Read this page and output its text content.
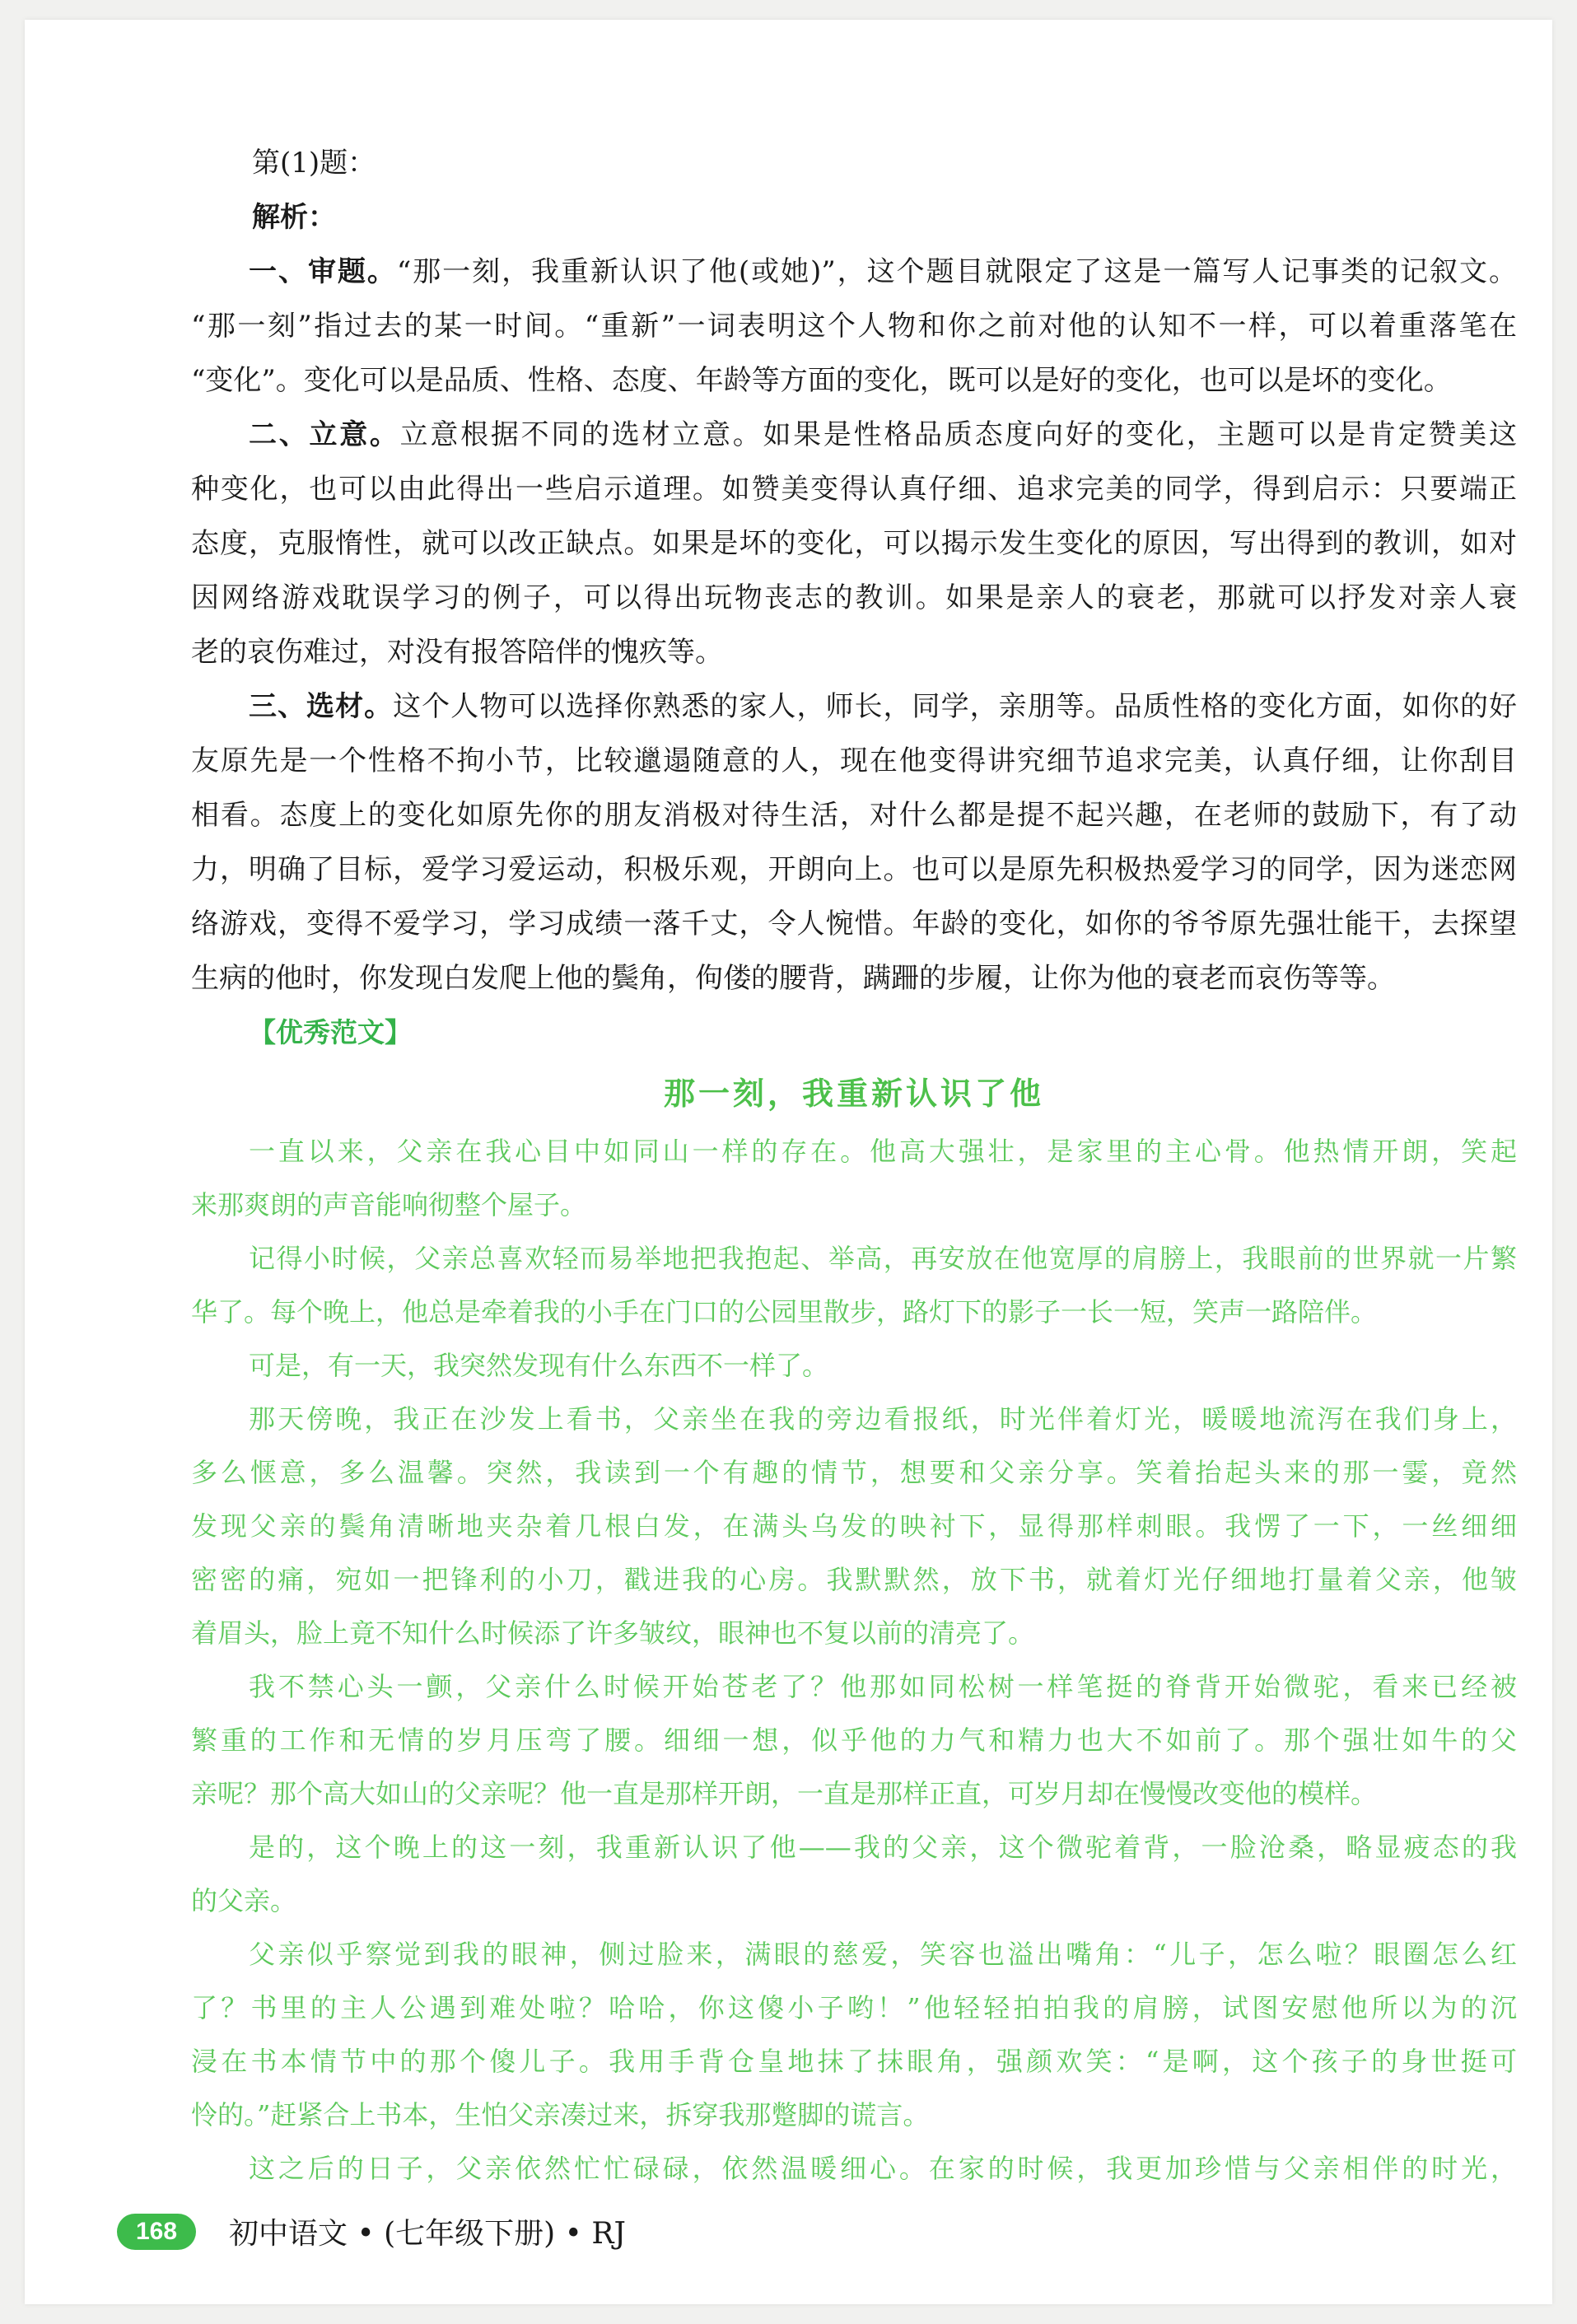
第(1)题：
解析：
一、审题。“那一刻，我重新认识了他(或她)”，这个题目就限定了这是一篇写人记事类的记叙文。
“那一刻”指过去的某一时间。“重新”一词表明这个人物和你之前对他的认知不一样，可以着重落笔在
“变化”。变化可以是品质、性格、态度、年龄等方面的变化，既可以是好的变化，也可以是坏的变化。
二、立意。立意根据不同的选材立意。如果是性格品质态度向好的变化，主题可以是肯定赞美这
种变化，也可以由此得出一些启示道理。如赞美变得认真仔细、追求完美的同学，得到启示：只要端正
态度，克服惰性，就可以改正缺点。如果是坏的变化，可以揭示发生变化的原因，写出得到的教训，如对
因网络游戏耽误学习的例子，可以得出玩物丧志的教训。如果是亲人的衰老，那就可以抒发对亲人衰
老的哀伤难过，对没有报答陪伴的愧疚等。
三、选材。这个人物可以选择你熟悉的家人，师长，同学，亲朋等。品质性格的变化方面，如你的好
友原先是一个性格不拘小节，比较邋遢随意的人，现在他变得讲究细节追求完美，认真仔细，让你刮目
相看。态度上的变化如原先你的朋友消极对待生活，对什么都是提不起兴趣，在老师的鼓励下，有了动
力，明确了目标，爱学习爱运动，积极乐观，开朗向上。也可以是原先积极热爱学习的同学，因为迷恋网
络游戏，变得不爱学习，学习成绩一落千丈，令人惋惜。年龄的变化，如你的爷爷原先强壮能干，去探望
生病的他时，你发现白发爬上他的鬓角，佝偻的腰背，蹒跚的步履，让你为他的衰老而哀伤等等。
【优秀范文】
那一刻，我重新认识了他
一直以来，父亲在我心目中如同山一样的存在。他高大强壮，是家里的主心骨。他热情开朗，笑起
来那爽朗的声音能响彻整个屋子。
记得小时候，父亲总喜欢轻而易举地把我抱起、举高，再安放在他宽厚的肩膀上，我眼前的世界就一片繁
华了。每个晚上，他总是牵着我的小手在门口的公园里散步，路灯下的影子一长一短，笑声一路陪伴。
可是，有一天，我突然发现有什么东西不一样了。
那天傍晚，我正在沙发上看书，父亲坐在我的旁边看报纸，时光伴着灯光，暖暖地流泻在我们身上，
多么惬意，多么温馨。突然，我读到一个有趣的情节，想要和父亲分享。笑着抬起头来的那一霎，竟然
发现父亲的鬓角清晰地夹杂着几根白发，在满头乌发的映衬下，显得那样刺眼。我愣了一下，一丝细细
密密的痛，宛如一把锋利的小刀，戳进我的心房。我默默然，放下书，就着灯光仔细地打量着父亲，他皱
着眉头，脸上竟不知什么时候添了许多皱纹，眼神也不复以前的清亮了。
我不禁心头一颤，父亲什么时候开始苍老了？他那如同松树一样笔挺的脊背开始微驼，看来已经被
繁重的工作和无情的岁月压弯了腰。细细一想，似乎他的力气和精力也大不如前了。那个强壮如牛的父
亲呢？那个高大如山的父亲呢？他一直是那样开朗，一直是那样正直，可岁月却在慢慢改变他的模样。
是的，这个晚上的这一刻，我重新认识了他——我的父亲，这个微驼着背，一脸沧桑，略显疲态的我
的父亲。
父亲似乎察觉到我的眼神，侧过脸来，满眼的慈爱，笑容也溢出嘴角：“儿子，怎么啦？眼圈怎么红
了？书里的主人公遇到难处啦？哈哈，你这傻小子哟！”他轻轻拍拍我的肩膀，试图安慰他所以为的沉
浸在书本情节中的那个傻儿子。我用手背仓皇地抹了抹眼角，强颜欢笑：“是啊，这个孩子的身世挺可
怜的。”赶紧合上书本，生怕父亲凑过来，拆穿我那蹩脚的谎言。
这之后的日子，父亲依然忙忙碌碌，依然温暖细心。在家的时候，我更加珍惜与父亲相伴的时光，
168	初中语文 • (七年级下册) • RJ
